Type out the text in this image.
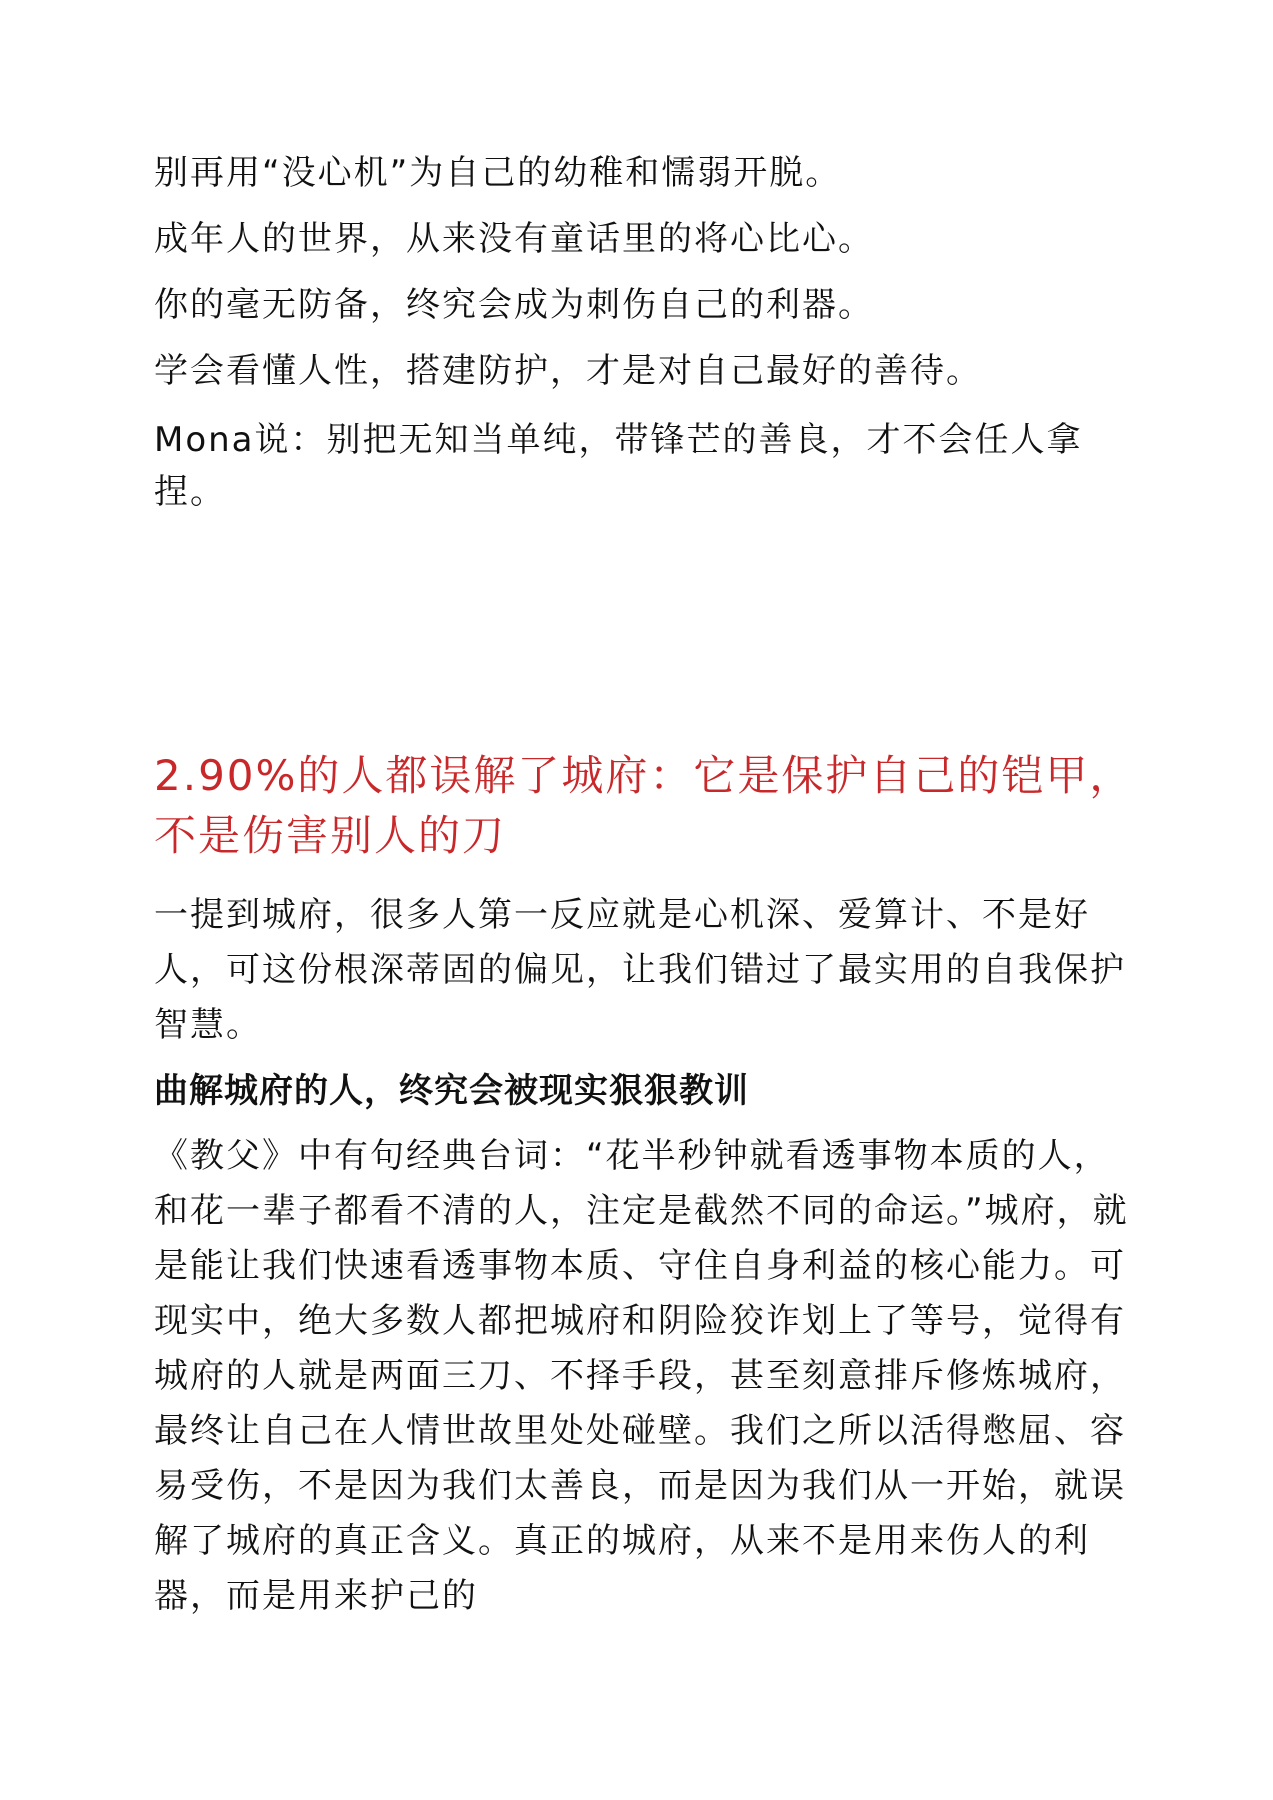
别再用“没心机”为自己的幼稚和懦弱开脱。
成年人的世界，从来没有童话里的将心比心。
你的毫无防备，终究会成为刺伤自己的利器。
学会看懂人性，搭建防护，才是对自己最好的善待。
Mona说：别把无知当单纯，带锋芒的善良，才不会任人拿 捏。
2.90%的人都误解了城府：它是保护自己的铠甲，不是伤害别人的刀
一提到城府，很多人第一反应就是心机深、爱算计、不是好人，可这份根深蒂固的偏见，让我们错过了最实用的自我保护智慧。
曲解城府的人，终究会被现实狠狠教训
《教父》中有句经典台词：“花半秒钟就看透事物本质的人，和花一辈子都看不清的人，注定是截然不同的命运。”城府，就是能让我们快速看透事物本质、守住自身利益的核心能力。可现实中，绝大多数人都把城府和阴险狡诈划上了等号，觉得有城府的人就是两面三刀、不择手段，甚至刻意排斥修炼城府，最终让自己在人情世故里处处碰壁。我们之所以活得憋屈、容易受伤，不是因为我们太善良，而是因为我们从一开始，就误解了城府的真正含义。真正的城府，从来不是用来伤人的利器，而是用来护己的
